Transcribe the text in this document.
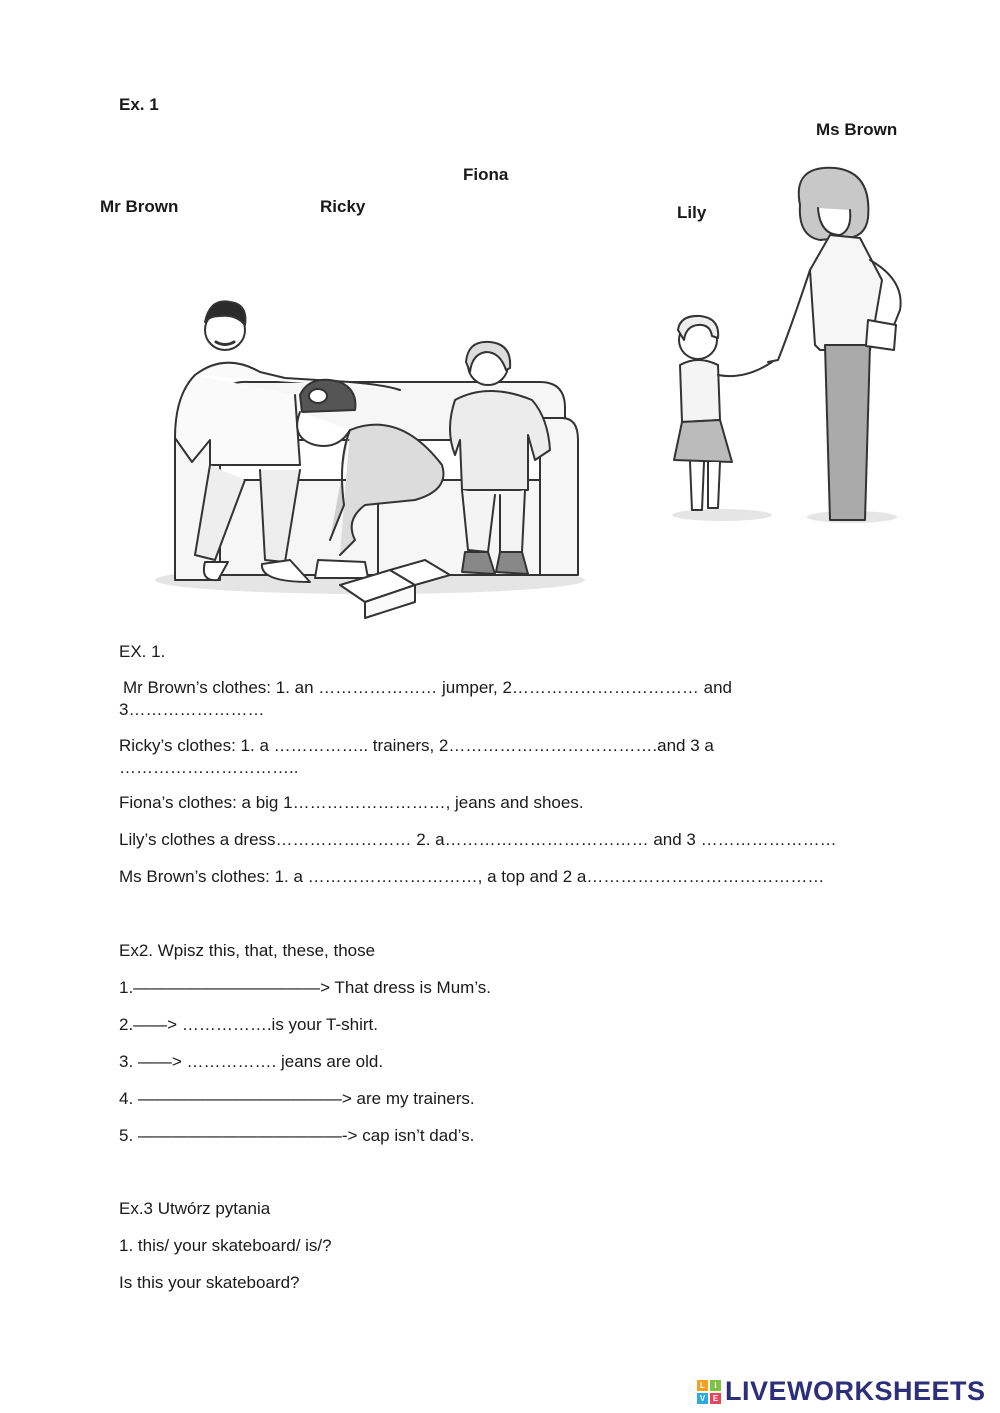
Ex. 1
Ms Brown
Fiona
Mr Brown	Ricky	Lily
EX. 1.
Mr Brown’s clothes: 1. an ………………… jumper, 2…………………………… and
3……………………
Ricky’s clothes: 1. a …………….. trainers, 2……………………………….and 3 a
…………………………..
Fiona’s clothes: a big 1………………………, jeans and shoes.
Lily’s clothes a dress…………………… 2. a……………………………… and 3 ……………………
Ms Brown’s clothes: 1. a …………………………, a top and 2 a……………………………………
Ex2. Wpisz this, that, these, those
1.———————————> That dress is Mum’s.
2.——> …………….is your T-shirt.
3. ——> ……………. jeans are old.
4. ————————————> are my trainers.
5. ————————————-> cap isn’t dad’s.
Ex.3 Utwórz pytania
1. this/ your skateboard/ is/?
Is this your skateboard?
L	I
V E LIVEWORKSHEETS
